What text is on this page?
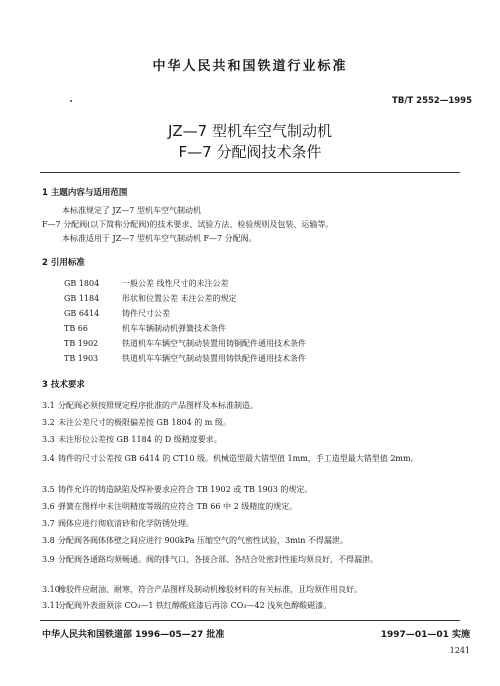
中华人民共和国铁道行业标准
TB/T 2552—1995
JZ—7 型机车空气制动机
F—7 分配阀技术条件
1 主题内容与适用范围
本标准规定了 JZ—7 型机车空气制动机
F—7 分配阀(以下简称分配阀)的技术要求、试验方法、检验规则及包装、运输等。
本标准适用于 JZ—7 型机车空气制动机 F—7 分配阀。
2 引用标准
GB 1804	一般公差 线性尺寸的未注公差
GB 1184	形状和位置公差 未注公差的规定
GB 6414	铸件尺寸公差
TB 66	机车车辆制动机弹簧技术条件
TB 1902	铁道机车车辆空气制动装置用铸铜配件通用技术条件
TB 1903	铁道机车车辆空气制动装置用铸铁配件通用技术条件
3 技术要求
3.1 分配阀必须按照规定程序批准的产品图样及本标准制造。
3.2 未注公差尺寸的极限偏差按 GB 1804 的 m 级。
3.3 未注形位公差按 GB 1184 的 D 级精度要求。
3.4 铸件的尺寸公差按 GB 6414 的 CT10 级。机械造型最大错型值 1mm，手工造型最大错型值 2mm。
3.5 铸件允许的铸造缺陷及焊补要求应符合 TB 1902 或 TB 1903 的规定。
3.6 弹簧在图样中未注明精度等级的应符合 TB 66 中 2 级精度的规定。
3.7 阀体应进行彻底清砂和化学防锈处理。
3.8 分配阀各阀体体壁之间应进行 900kPa 压缩空气的气密性试验，3min 不得漏泄。
3.9 分配阀各通路均须畅通。阀的排气口、各接合部、各结合处密封性能均须良好，不得漏泄。
3.10橡胶件应耐油、耐寒，符合产品图样及制动机橡胶材料的有关标准，且均须作用良好。
3.11分配阀外表面须涂 CO₃—1 铁红醇酸底漆后再涂 CO₃—42 浅灰色醇酸磁漆。
中华人民共和国铁道部 1996—05—27 批准	1997—01—01 实施
1241
